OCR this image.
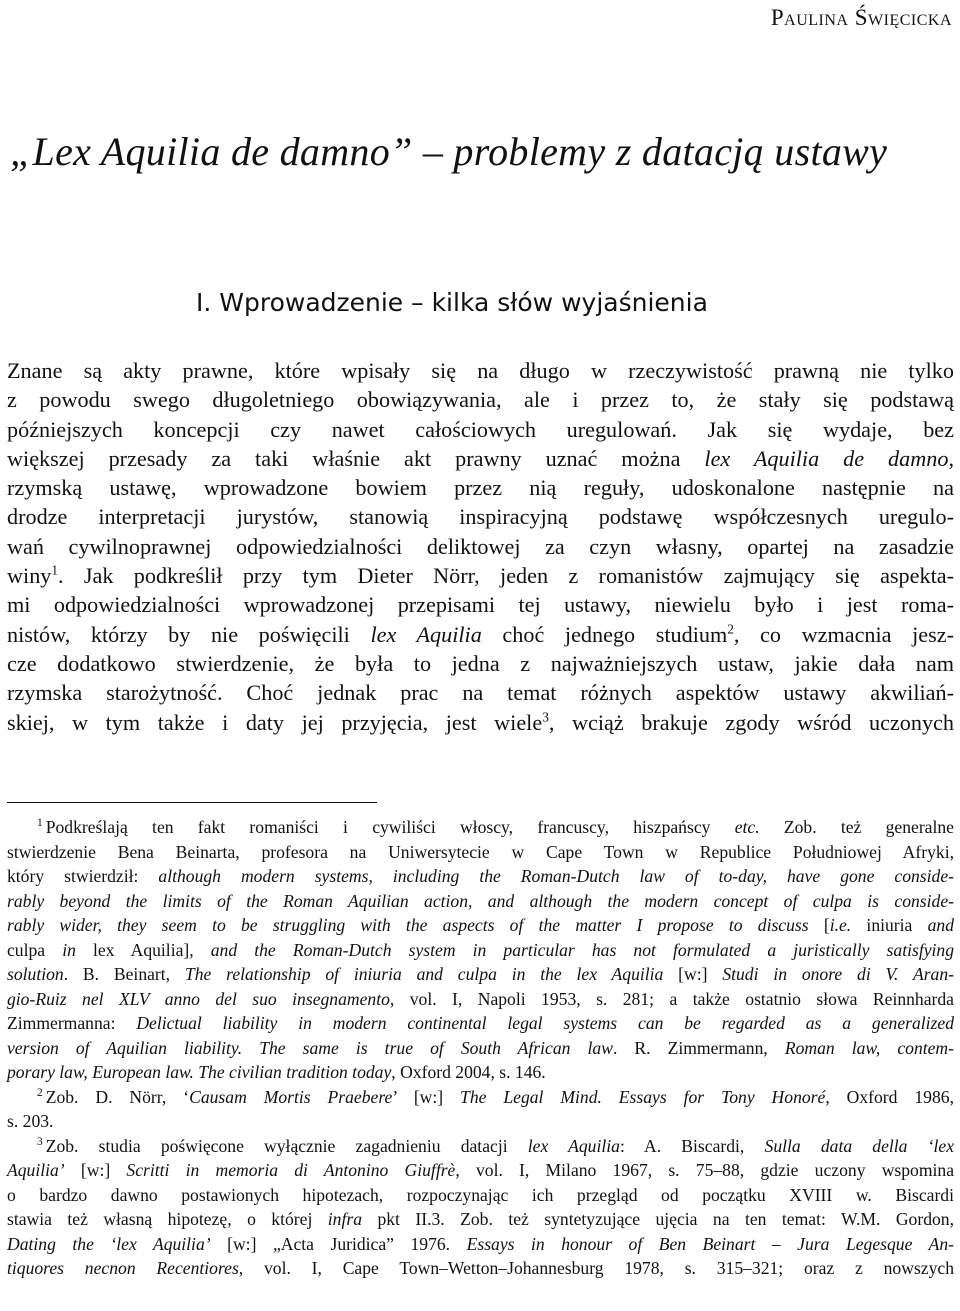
Paulina Święcicka
„Lex Aquilia de damno” – problemy z datacją ustawy
I. Wprowadzenie – kilka słów wyjaśnienia
Znane są akty prawne, które wpisały się na długo w rzeczywistość prawną nie tylko
z powodu swego długoletniego obowiązywania, ale i przez to, że stały się podstawą
późniejszych koncepcji czy nawet całościowych uregulowań. Jak się wydaje, bez
większej przesady za taki właśnie akt prawny uznać można lex Aquilia de damno,
rzymską ustawę, wprowadzone bowiem przez nią reguły, udoskonalone następnie na
drodze interpretacji jurystów, stanowią inspiracyjną podstawę współczesnych uregulo-
wań cywilnoprawnej odpowiedzialności deliktowej za czyn własny, opartej na zasadzie
winy$^1$. Jak podkreślił przy tym Dieter Nörr, jeden z romanistów zajmujący się aspekta-
mi odpowiedzialności wprowadzonej przepisami tej ustawy, niewielu było i jest roma-
nistów, którzy by nie poświęcili lex Aquilia choć jednego studium$^2$, co wzmacnia jesz-
cze dodatkowo stwierdzenie, że była to jedna z najważniejszych ustaw, jakie dała nam
rzymska starożytność. Choć jednak prac na temat różnych aspektów ustawy akwiliań-
skiej, w tym także i daty jej przyjęcia, jest wiele$^3$, wciąż brakuje zgody wśród uczonych
$^1$ Podkreślają ten fakt romaniści i cywiliści włoscy, francuscy, hiszpańscy etc. Zob. też generalne
stwierdzenie Bena Beinarta, profesora na Uniwersytecie w Cape Town w Republice Południowej Afryki,
który stwierdził: although modern systems, including the Roman-Dutch law of to-day, have gone conside-
rably beyond the limits of the Roman Aquilian action, and although the modern concept of culpa is conside-
rably wider, they seem to be struggling with the aspects of the matter I propose to discuss [i.e. iniuria and
culpa in lex Aquilia], and the Roman-Dutch system in particular has not formulated a juristically satisfying
solution. B. Beinart, The relationship of iniuria and culpa in the lex Aquilia [w:] Studi in onore di V. Aran-
gio-Ruiz nel XLV anno del suo insegnamento, vol. I, Napoli 1953, s. 281; a także ostatnio słowa Reinnharda
Zimmermanna: Delictual liability in modern continental legal systems can be regarded as a generalized
version of Aquilian liability. The same is true of South African law. R. Zimmermann, Roman law, contem-
porary law, European law. The civilian tradition today, Oxford 2004, s. 146.
$^2$ Zob. D. Nörr, ‘Causam Mortis Praebere’ [w:] The Legal Mind. Essays for Tony Honoré, Oxford 1986,
s. 203.
$^3$ Zob. studia poświęcone wyłącznie zagadnieniu datacji lex Aquilia: A. Biscardi, Sulla data della ‘lex
Aquilia’ [w:] Scritti in memoria di Antonino Giuffrè, vol. I, Milano 1967, s. 75–88, gdzie uczony wspomina
o bardzo dawno postawionych hipotezach, rozpoczynając ich przegląd od początku XVIII w. Biscardi
stawia też własną hipotezę, o której infra pkt II.3. Zob. też syntetyzujące ujęcia na ten temat: W.M. Gordon,
Dating the ‘lex Aquilia’ [w:] „Acta Juridica” 1976. Essays in honour of Ben Beinart – Jura Legesque An-
tiquores necnon Recentiores, vol. I, Cape Town–Wetton–Johannesburg 1978, s. 315–321; oraz z nowszych
